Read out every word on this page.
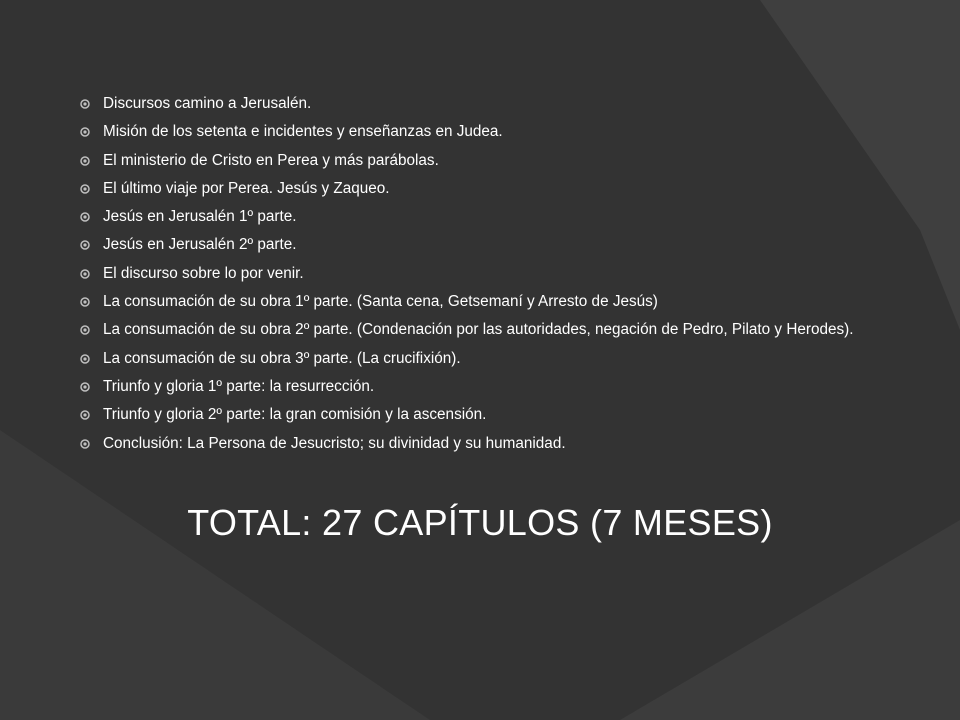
Discursos camino a Jerusalén.
Misión de los setenta e incidentes y enseñanzas en Judea.
El ministerio de Cristo en Perea y más parábolas.
El último viaje por Perea. Jesús y Zaqueo.
Jesús en Jerusalén 1º parte.
Jesús en Jerusalén 2º parte.
El discurso sobre lo por venir.
La consumación de su obra 1º parte. (Santa cena, Getsemaní y Arresto de Jesús)
La consumación de su obra 2º parte. (Condenación por las autoridades, negación de Pedro, Pilato y Herodes).
La consumación de su obra 3º parte. (La crucifixión).
Triunfo y gloria 1º parte: la resurrección.
Triunfo y gloria 2º parte: la gran comisión y la ascensión.
Conclusión: La Persona de Jesucristo; su divinidad y su humanidad.
TOTAL: 27 CAPÍTULOS (7 MESES)
